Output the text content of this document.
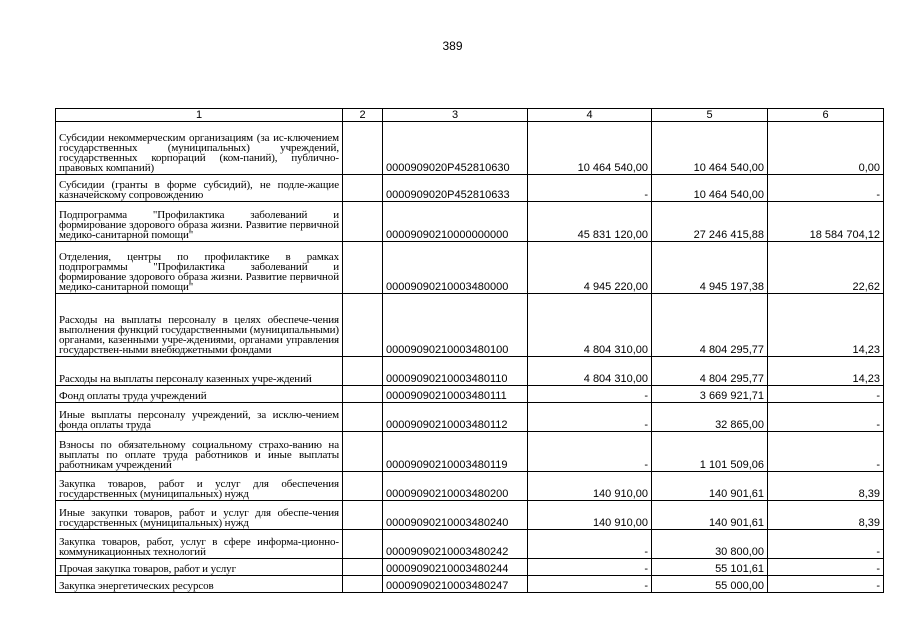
389
1	2	3	4	5	6
Субсидии некоммерческим организациям (за ис-ключением государственных (муниципальных) учреждений, государственных корпораций (ком-паний), публично-правовых компаний)		0000909020P452810630	10 464 540,00	10 464 540,00	0,00
Субсидии (гранты в форме субсидий), не подле-жащие казначейскому сопровождению		0000909020P452810633	-	10 464 540,00	-
Подпрограмма "Профилактика заболеваний и формирование здорового образа жизни. Развитие первичной медико-санитарной помощи"		00009090210000000000	45 831 120,00	27 246 415,88	18 584 704,12
Отделения, центры по профилактике в рамках подпрограммы "Профилактика заболеваний и формирование здорового образа жизни. Развитие первичной медико-санитарной помощи"		00009090210003480000	4 945 220,00	4 945 197,38	22,62
Расходы на выплаты персоналу в целях обеспече-чения выполнения функций государственными (муниципальными) органами, казенными учре-ждениями, органами управления государствен-ными внебюджетными фондами		00009090210003480100	4 804 310,00	4 804 295,77	14,23
Расходы на выплаты персоналу казенных учре-ждений		00009090210003480110	4 804 310,00	4 804 295,77	14,23
Фонд оплаты труда учреждений		00009090210003480111	-	3 669 921,71	-
Иные выплаты персоналу учреждений, за исклю-чением фонда оплаты труда		00009090210003480112	-	32 865,00	-
Взносы по обязательному социальному страхо-ванию на выплаты по оплате труда работников и иные выплаты работникам учреждений		00009090210003480119	-	1 101 509,06	-
Закупка товаров, работ и услуг для обеспечения государственных (муниципальных) нужд		00009090210003480200	140 910,00	140 901,61	8,39
Иные закупки товаров, работ и услуг для обеспе-чения государственных (муниципальных) нужд		00009090210003480240	140 910,00	140 901,61	8,39
Закупка товаров, работ, услуг в сфере информа-ционно-коммуникационных технологий		00009090210003480242	-	30 800,00	-
Прочая закупка товаров, работ и услуг		00009090210003480244	-	55 101,61	-
Закупка энергетических ресурсов		00009090210003480247	-	55 000,00	-
